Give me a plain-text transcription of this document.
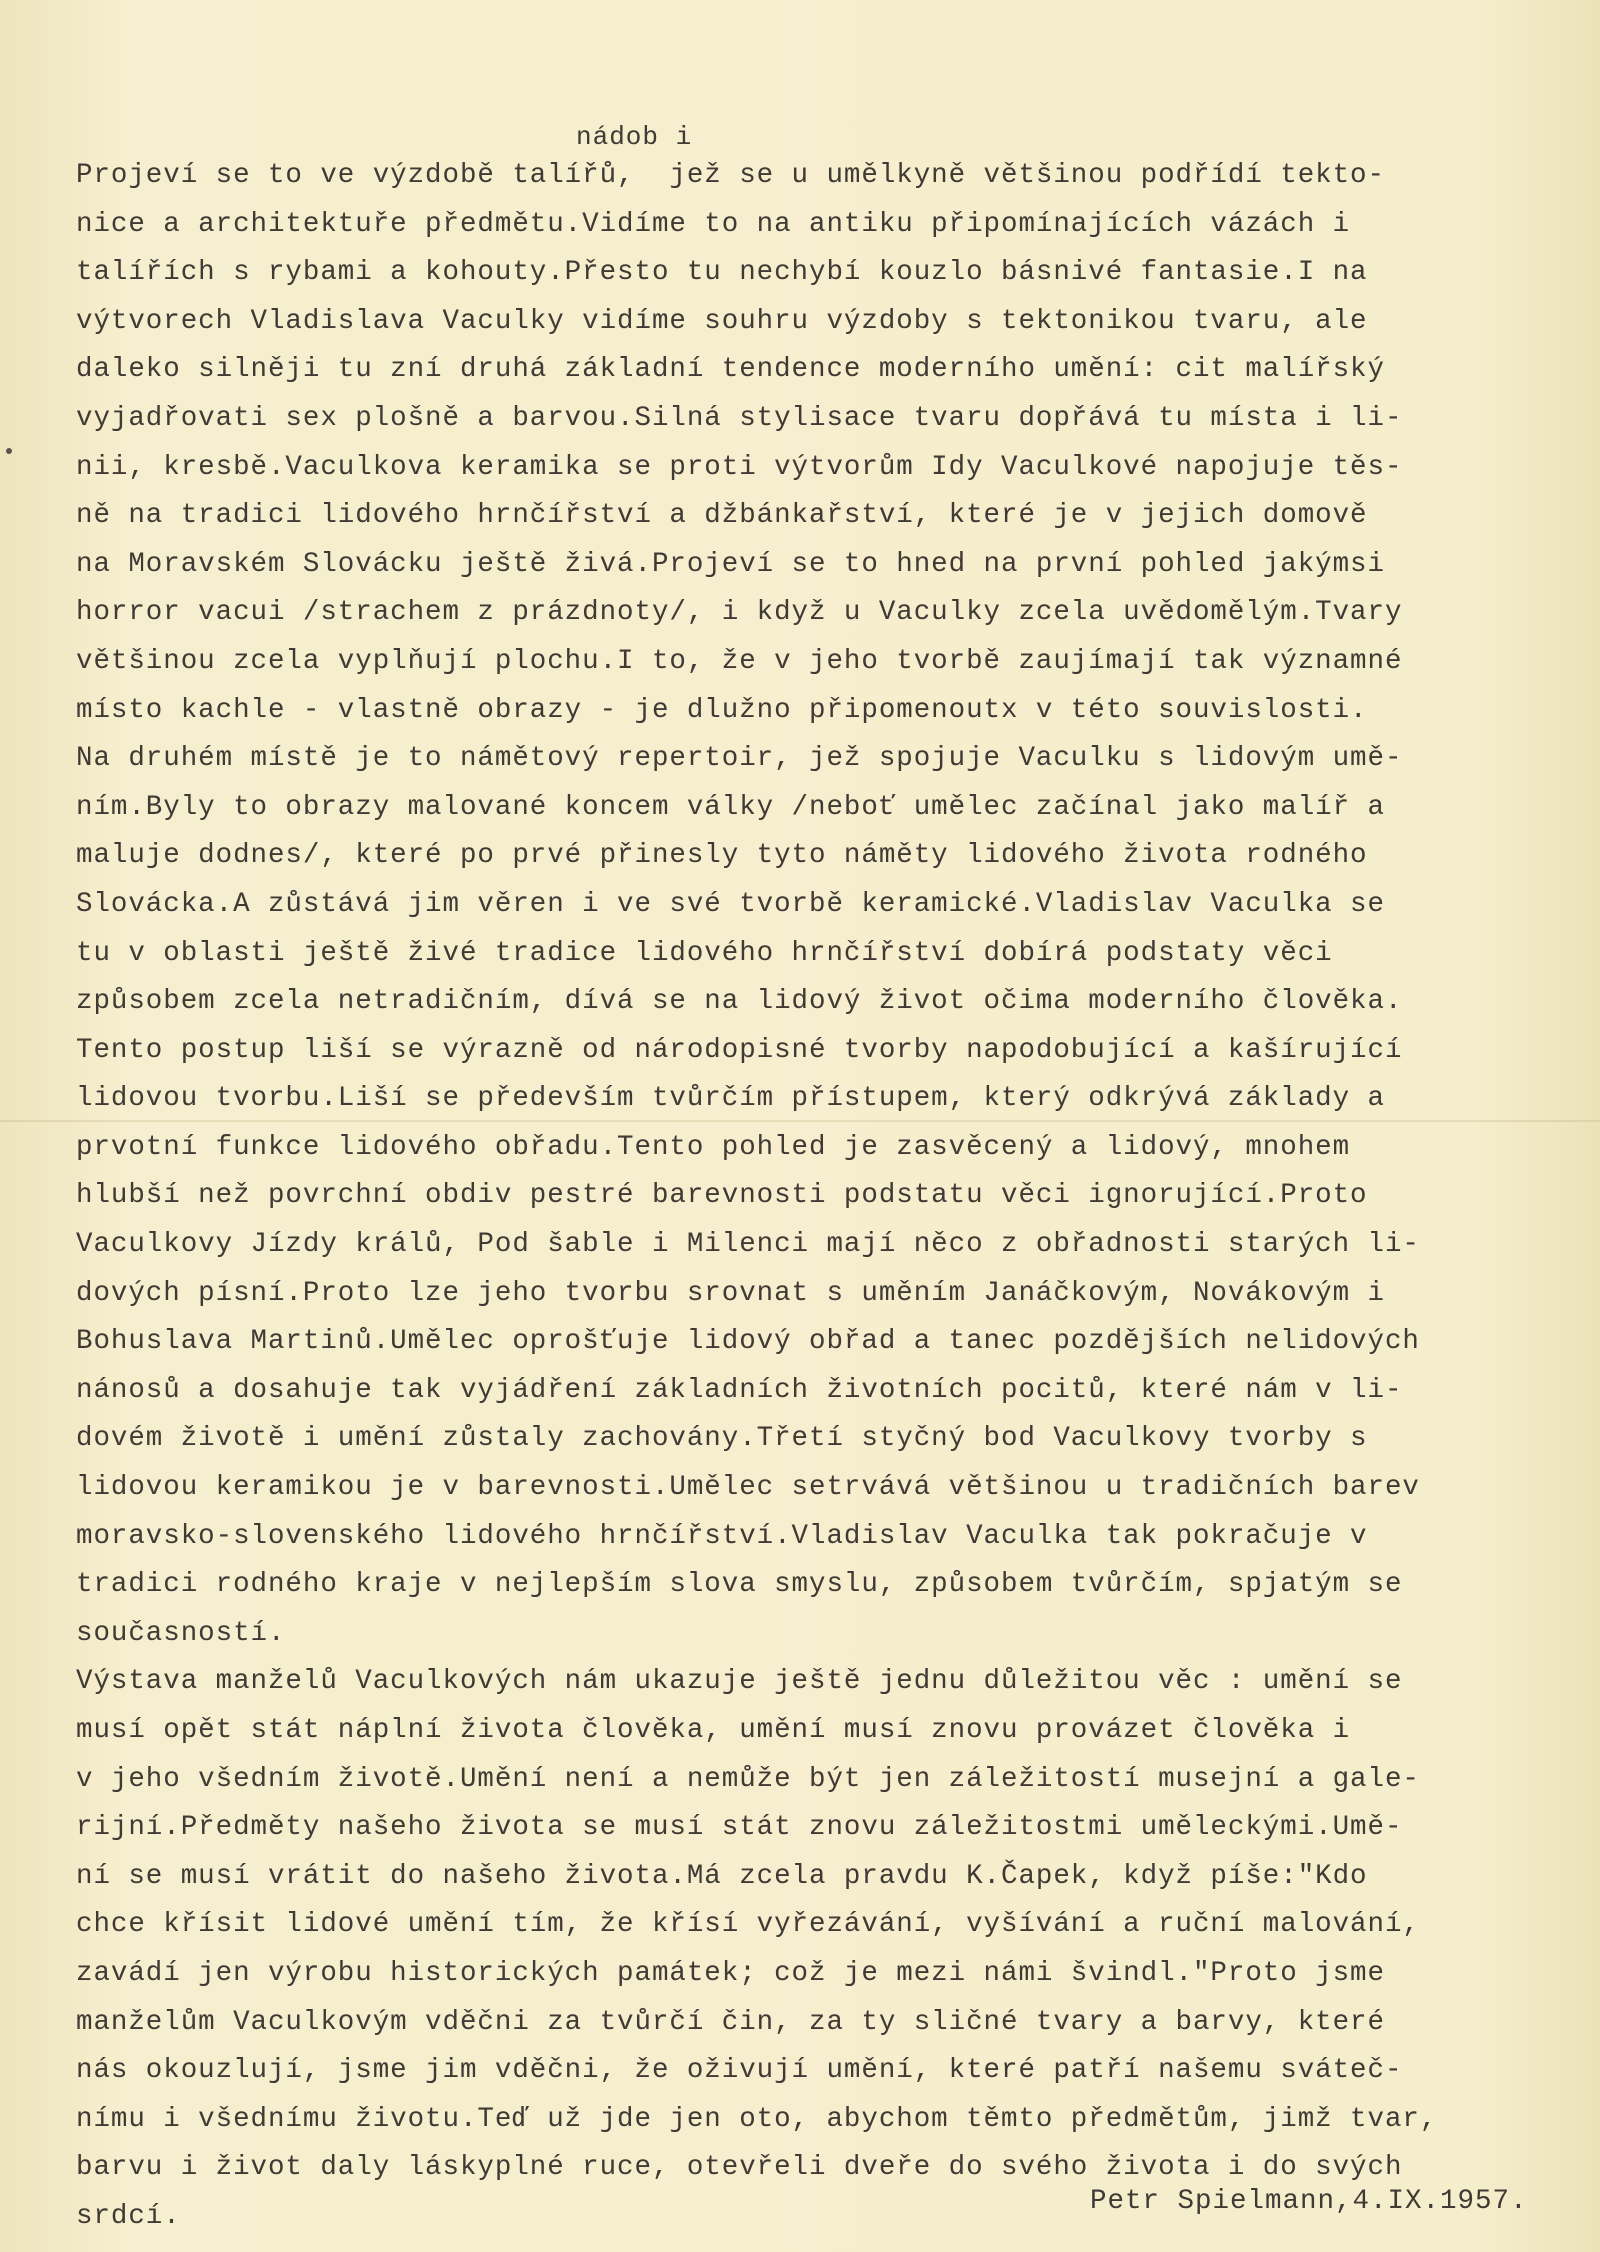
nádob i
Projeví se to ve výzdobě talířů,  jež se u umělkyně většinou podřídí tekto-
nice a architektuře předmětu.Vidíme to na antiku připomínajících vázách i
talířích s rybami a kohouty.Přesto tu nechybí kouzlo básnivé fantasie.I na
výtvorech Vladislava Vaculky vidíme souhru výzdoby s tektonikou tvaru, ale
daleko silněji tu zní druhá základní tendence moderního umění: cit malířský
vyjadřovati sex plošně a barvou.Silná stylisace tvaru dopřává tu místa i li-
nii, kresbě.Vaculkova keramika se proti výtvorům Idy Vaculkové napojuje těs-
ně na tradici lidového hrnčířství a džbánkařství, které je v jejich domově
na Moravském Slovácku ještě živá.Projeví se to hned na první pohled jakýmsi
horror vacui /strachem z prázdnoty/, i když u Vaculky zcela uvědomělým.Tvary
většinou zcela vyplňují plochu.I to, že v jeho tvorbě zaujímají tak významné
místo kachle - vlastně obrazy - je dlužno připomenoutx v této souvislosti.
Na druhém místě je to námětový repertoir, jež spojuje Vaculku s lidovým umě-
ním.Byly to obrazy malované koncem války /neboť umělec začínal jako malíř a
maluje dodnes/, které po prvé přinesly tyto náměty lidového života rodného
Slovácka.A zůstává jim věren i ve své tvorbě keramické.Vladislav Vaculka se
tu v oblasti ještě živé tradice lidového hrnčířství dobírá podstaty věci
způsobem zcela netradičním, dívá se na lidový život očima moderního člověka.
Tento postup liší se výrazně od národopisné tvorby napodobující a kašírující
lidovou tvorbu.Liší se především tvůrčím přístupem, který odkrývá základy a
prvotní funkce lidového obřadu.Tento pohled je zasvěcený a lidový, mnohem
hlubší než povrchní obdiv pestré barevnosti podstatu věci ignorující.Proto
Vaculkovy Jízdy králů, Pod šable i Milenci mají něco z obřadnosti starých li-
dových písní.Proto lze jeho tvorbu srovnat s uměním Janáčkovým, Novákovým i
Bohuslava Martinů.Umělec oprošťuje lidový obřad a tanec pozdějších nelidových
nánosů a dosahuje tak vyjádření základních životních pocitů, které nám v li-
dovém životě i umění zůstaly zachovány.Třetí styčný bod Vaculkovy tvorby s
lidovou keramikou je v barevnosti.Umělec setrvává většinou u tradičních barev
moravsko-slovenského lidového hrnčířství.Vladislav Vaculka tak pokračuje v
tradici rodného kraje v nejlepším slova smyslu, způsobem tvůrčím, spjatým se
současností.
Výstava manželů Vaculkových nám ukazuje ještě jednu důležitou věc : umění se
musí opět stát náplní života člověka, umění musí znovu provázet člověka i
v jeho všedním životě.Umění není a nemůže být jen záležitostí musejní a gale-
rijní.Předměty našeho života se musí stát znovu záležitostmi uměleckými.Umě-
ní se musí vrátit do našeho života.Má zcela pravdu K.Čapek, když píše:"Kdo
chce křísit lidové umění tím, že křísí vyřezávání, vyšívání a ruční malování,
zavádí jen výrobu historických památek; což je mezi námi švindl."Proto jsme
manželům Vaculkovým vděčni za tvůrčí čin, za ty sličné tvary a barvy, které
nás okouzlují, jsme jim vděčni, že oživují umění, které patří našemu sváteč-
nímu i všednímu životu.Teď už jde jen oto, abychom těmto předmětům, jimž tvar,
barvu i život daly láskyplné ruce, otevřeli dveře do svého života i do svých
srdcí.	Petr Spielmann,4.IX.1957.
